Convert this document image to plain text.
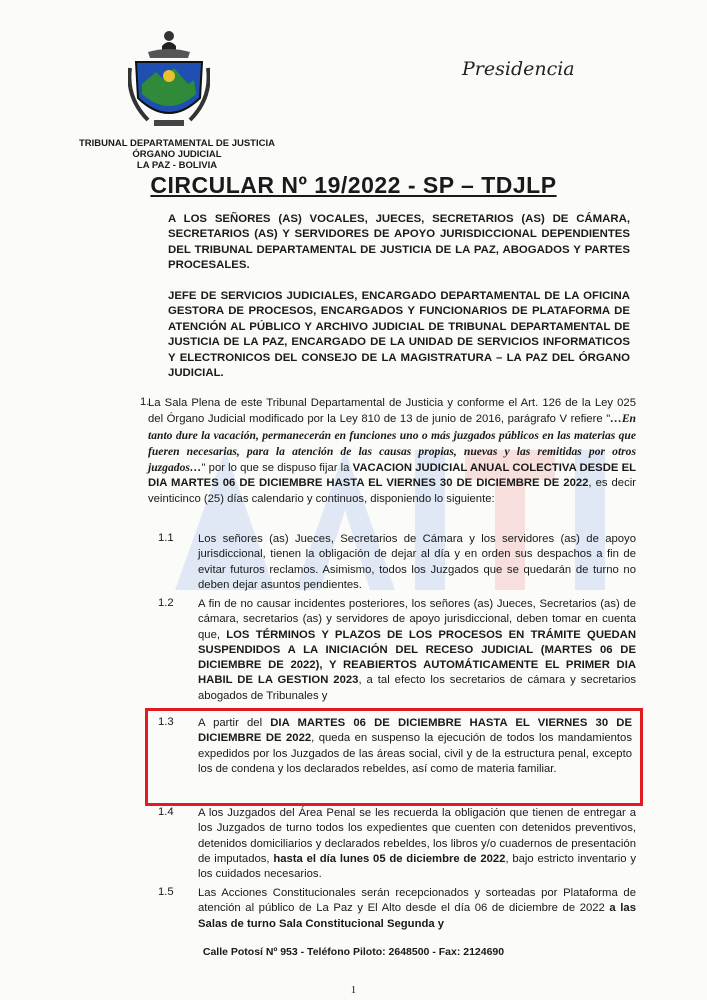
TRIBUNAL DEPARTAMENTAL DE JUSTICIA
ÓRGANO JUDICIAL
LA PAZ - BOLIVIA
Presidencia
CIRCULAR Nº 19/2022 - SP – TDJLP
A LOS SEÑORES (AS) VOCALES, JUECES, SECRETARIOS (AS) DE CÁMARA, SECRETARIOS (AS) Y SERVIDORES DE APOYO JURISDICCIONAL DEPENDIENTES DEL TRIBUNAL DEPARTAMENTAL DE JUSTICIA DE LA PAZ, ABOGADOS Y PARTES PROCESALES.
JEFE DE SERVICIOS JUDICIALES, ENCARGADO DEPARTAMENTAL DE LA OFICINA GESTORA DE PROCESOS, ENCARGADOS Y FUNCIONARIOS DE PLATAFORMA DE ATENCIÓN AL PÚBLICO Y ARCHIVO JUDICIAL DE TRIBUNAL DEPARTAMENTAL DE JUSTICIA DE LA PAZ, ENCARGADO DE LA UNIDAD DE SERVICIOS INFORMATICOS Y ELECTRONICOS DEL CONSEJO DE LA MAGISTRATURA – LA PAZ DEL ÓRGANO JUDICIAL.
1.
La Sala Plena de este Tribunal Departamental de Justicia y conforme el Art. 126 de la Ley 025 del Órgano Judicial modificado por la Ley 810 de 13 de junio de 2016, parágrafo V refiere "…En tanto dure la vacación, permanecerán en funciones uno o más juzgados públicos en las materias que fueren necesarias, para la atención de las causas propias, nuevas y las remitidas por otros juzgados…" por lo que se dispuso fijar la VACACION JUDICIAL ANUAL COLECTIVA DESDE EL DIA MARTES 06 DE DICIEMBRE HASTA EL VIERNES 30 DE DICIEMBRE DE 2022, es decir veinticinco (25) días calendario y continuos, disponiendo lo siguiente:
1.1 Los señores (as) Jueces, Secretarios de Cámara y los servidores (as) de apoyo jurisdiccional, tienen la obligación de dejar al día y en orden sus despachos a fin de evitar futuros reclamos. Asimismo, todos los Juzgados que se quedarán de turno no deben dejar asuntos pendientes.
1.2 A fin de no causar incidentes posteriores, los señores (as) Jueces, Secretarios (as) de cámara, secretarios (as) y servidores de apoyo jurisdiccional, deben tomar en cuenta que, LOS TÉRMINOS Y PLAZOS DE LOS PROCESOS EN TRÁMITE QUEDAN SUSPENDIDOS A LA INICIACIÓN DEL RECESO JUDICIAL (MARTES 06 DE DICIEMBRE DE 2022), Y REABIERTOS AUTOMÁTICAMENTE EL PRIMER DIA HABIL DE LA GESTION 2023, a tal efecto los secretarios de cámara y secretarios abogados de Tribunales y
1.3 A partir del DIA MARTES 06 DE DICIEMBRE HASTA EL VIERNES 30 DE DICIEMBRE DE 2022, queda en suspenso la ejecución de todos los mandamientos expedidos por los Juzgados de las áreas social, civil y de la estructura penal, excepto los de condena y los declarados rebeldes, así como de materia familiar.
1.4 A los Juzgados del Área Penal se les recuerda la obligación que tienen de entregar a los Juzgados de turno todos los expedientes que cuenten con detenidos preventivos, detenidos domiciliarios y declarados rebeldes, los libros y/o cuadernos de presentación de imputados, hasta el día lunes 05 de diciembre de 2022, bajo estricto inventario y los cuidados necesarios.
1.5 Las Acciones Constitucionales serán recepcionados y sorteadas por Plataforma de atención al público de La Paz y El Alto desde el día 06 de diciembre de 2022 a las Salas de turno Sala Constitucional Segunda y
Calle Potosí Nº 953 - Teléfono Piloto: 2648500 - Fax: 2124690
1
